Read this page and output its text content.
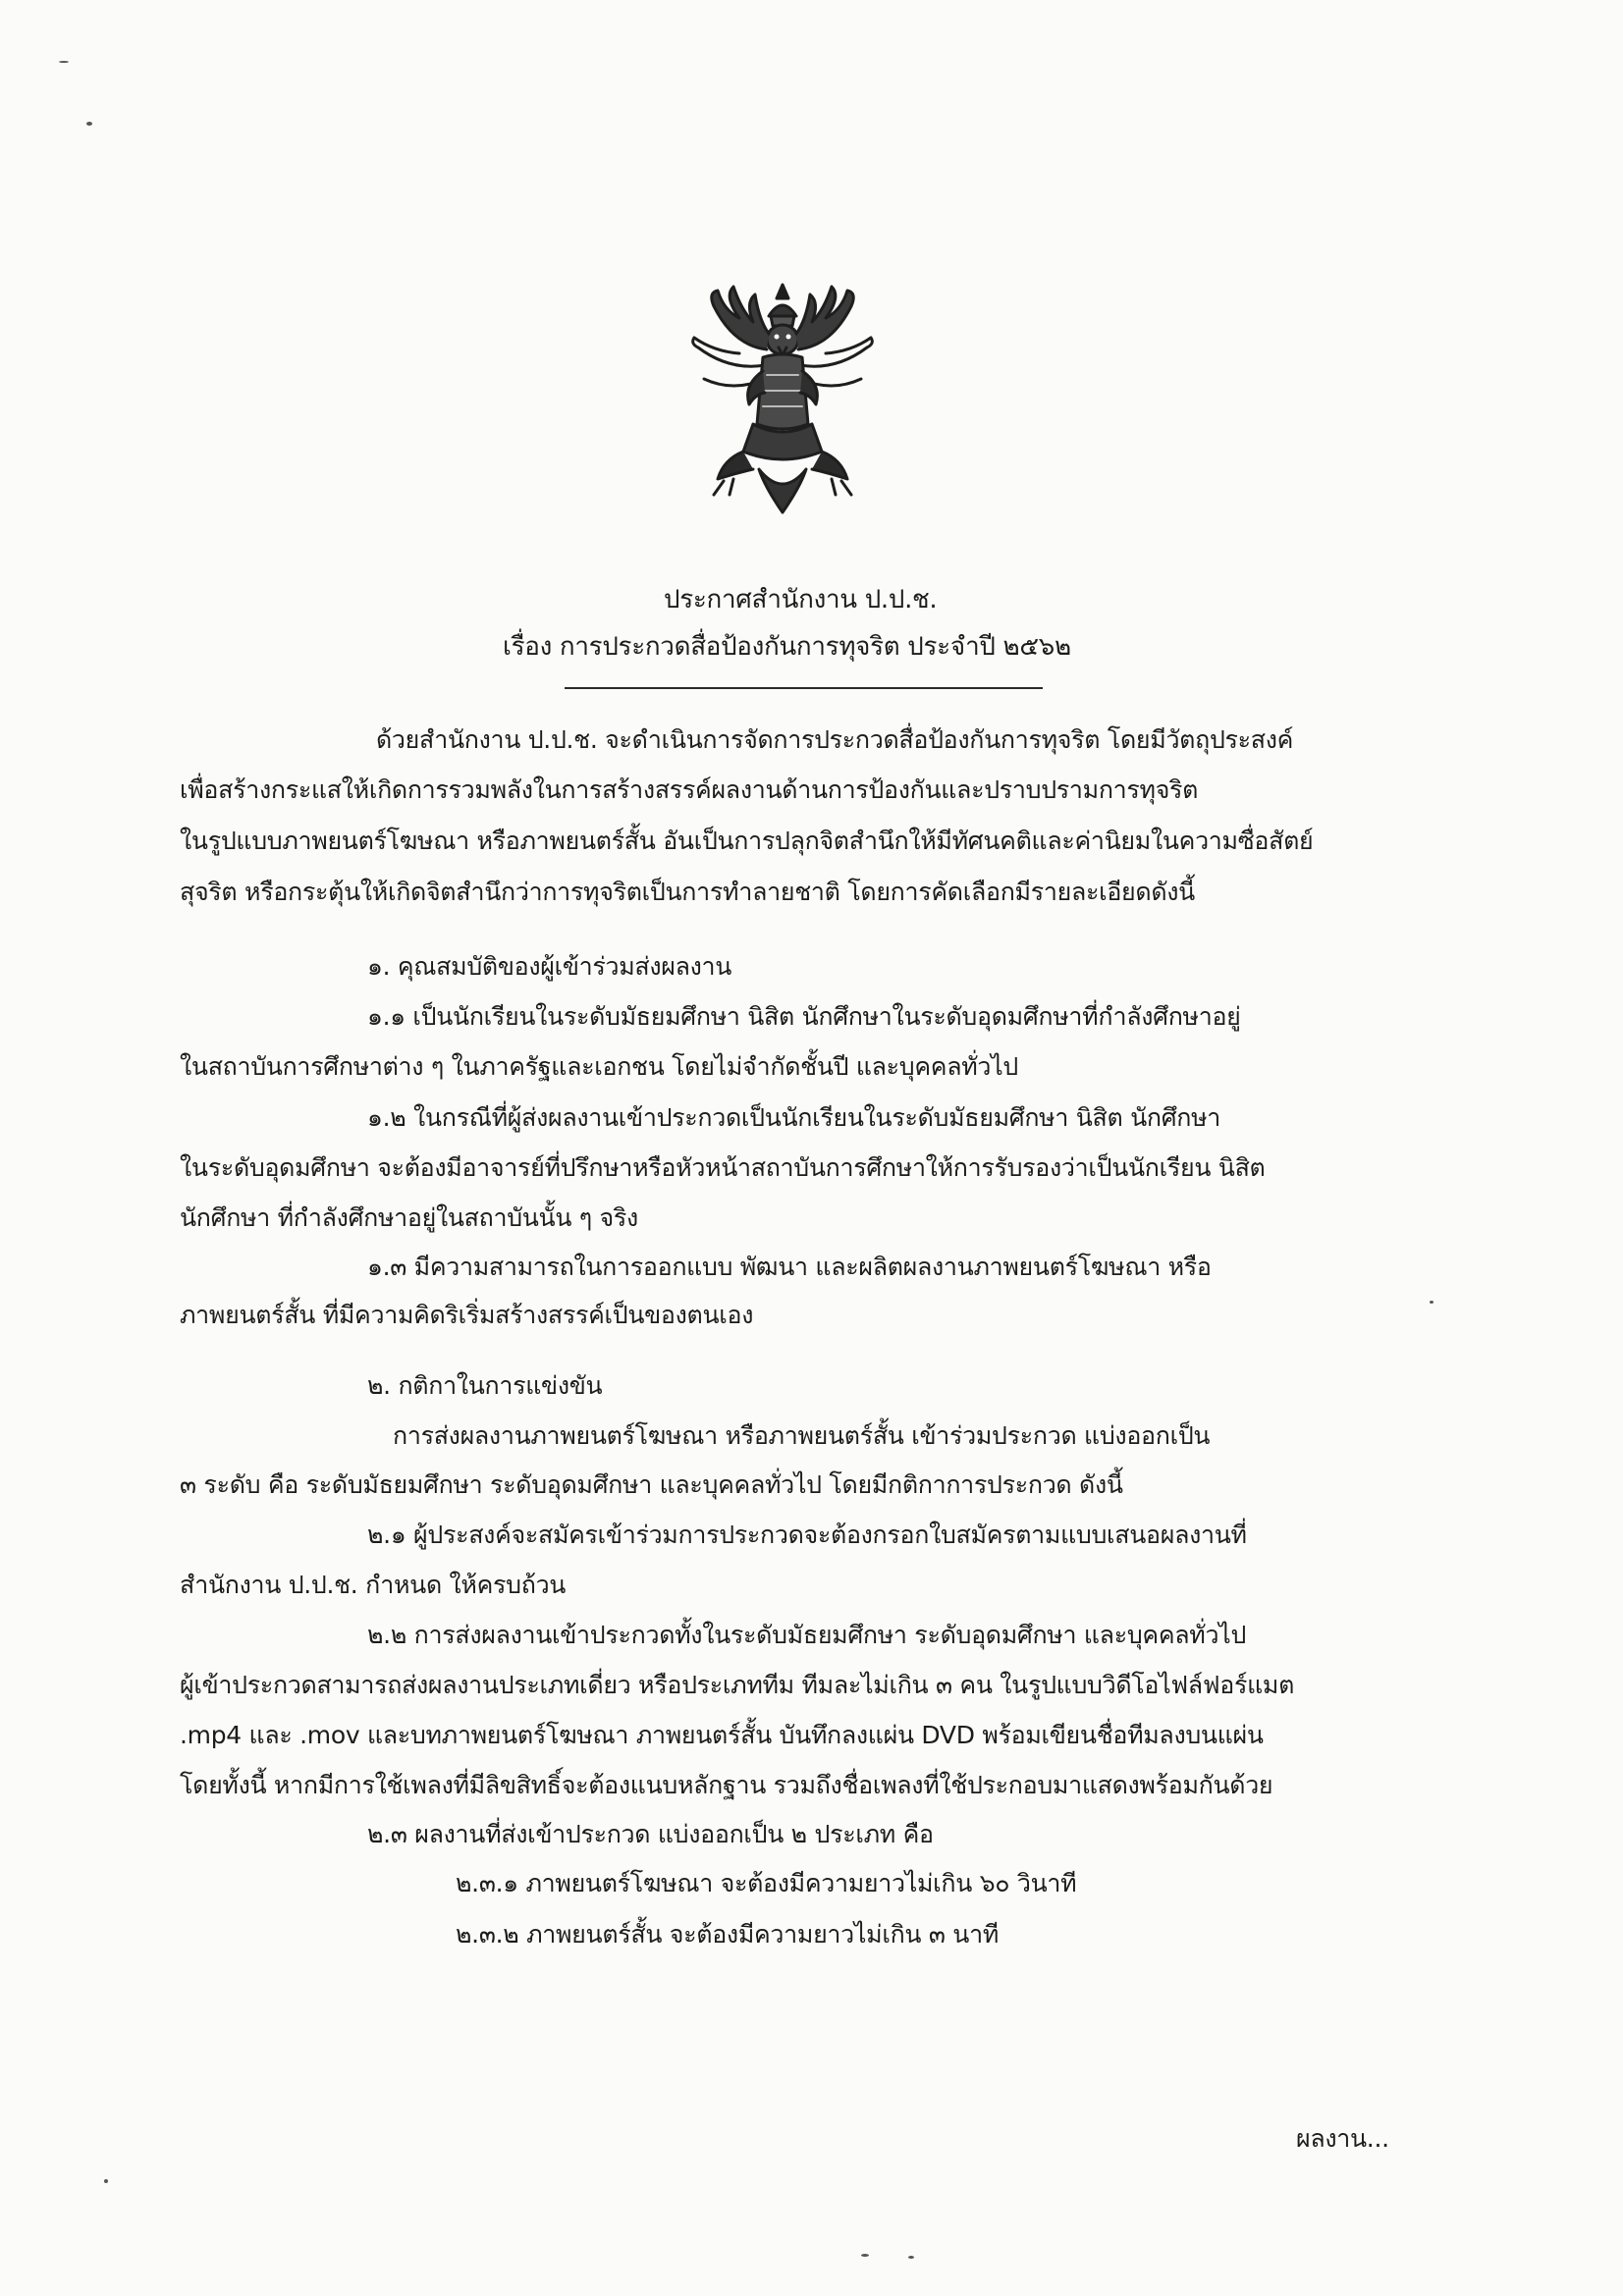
ประกาศสำนักงาน ป.ป.ช.
เรื่อง การประกวดสื่อป้องกันการทุจริต ประจำปี ๒๕๖๒
ด้วยสำนักงาน ป.ป.ช. จะดำเนินการจัดการประกวดสื่อป้องกันการทุจริต โดยมีวัตถุประสงค์
เพื่อสร้างกระแสให้เกิดการรวมพลังในการสร้างสรรค์ผลงานด้านการป้องกันและปราบปรามการทุจริต
ในรูปแบบภาพยนตร์โฆษณา หรือภาพยนตร์สั้น อันเป็นการปลุกจิตสำนึกให้มีทัศนคติและค่านิยมในความซื่อสัตย์
สุจริต หรือกระตุ้นให้เกิดจิตสำนึกว่าการทุจริตเป็นการทำลายชาติ โดยการคัดเลือกมีรายละเอียดดังนี้
๑. คุณสมบัติของผู้เข้าร่วมส่งผลงาน
๑.๑ เป็นนักเรียนในระดับมัธยมศึกษา นิสิต นักศึกษาในระดับอุดมศึกษาที่กำลังศึกษาอยู่
ในสถาบันการศึกษาต่าง ๆ ในภาครัฐและเอกชน โดยไม่จำกัดชั้นปี และบุคคลทั่วไป
๑.๒ ในกรณีที่ผู้ส่งผลงานเข้าประกวดเป็นนักเรียนในระดับมัธยมศึกษา นิสิต นักศึกษา
ในระดับอุดมศึกษา จะต้องมีอาจารย์ที่ปรึกษาหรือหัวหน้าสถาบันการศึกษาให้การรับรองว่าเป็นนักเรียน นิสิต
นักศึกษา ที่กำลังศึกษาอยู่ในสถาบันนั้น ๆ จริง
๑.๓ มีความสามารถในการออกแบบ พัฒนา และผลิตผลงานภาพยนตร์โฆษณา หรือ
ภาพยนตร์สั้น ที่มีความคิดริเริ่มสร้างสรรค์เป็นของตนเอง
๒. กติกาในการแข่งขัน
การส่งผลงานภาพยนตร์โฆษณา หรือภาพยนตร์สั้น เข้าร่วมประกวด แบ่งออกเป็น
๓ ระดับ คือ ระดับมัธยมศึกษา ระดับอุดมศึกษา และบุคคลทั่วไป โดยมีกติกาการประกวด ดังนี้
๒.๑ ผู้ประสงค์จะสมัครเข้าร่วมการประกวดจะต้องกรอกใบสมัครตามแบบเสนอผลงานที่
สำนักงาน ป.ป.ช. กำหนด ให้ครบถ้วน
๒.๒ การส่งผลงานเข้าประกวดทั้งในระดับมัธยมศึกษา ระดับอุดมศึกษา และบุคคลทั่วไป
ผู้เข้าประกวดสามารถส่งผลงานประเภทเดี่ยว หรือประเภททีม ทีมละไม่เกิน ๓ คน ในรูปแบบวิดีโอไฟล์ฟอร์แมต
.mp4 และ .mov และบทภาพยนตร์โฆษณา ภาพยนตร์สั้น บันทึกลงแผ่น DVD พร้อมเขียนชื่อทีมลงบนแผ่น
โดยทั้งนี้ หากมีการใช้เพลงที่มีลิขสิทธิ์จะต้องแนบหลักฐาน รวมถึงชื่อเพลงที่ใช้ประกอบมาแสดงพร้อมกันด้วย
๒.๓ ผลงานที่ส่งเข้าประกวด แบ่งออกเป็น ๒ ประเภท คือ
๒.๓.๑ ภาพยนตร์โฆษณา จะต้องมีความยาวไม่เกิน ๖๐ วินาที
๒.๓.๒ ภาพยนตร์สั้น จะต้องมีความยาวไม่เกิน ๓ นาที
ผลงาน...
